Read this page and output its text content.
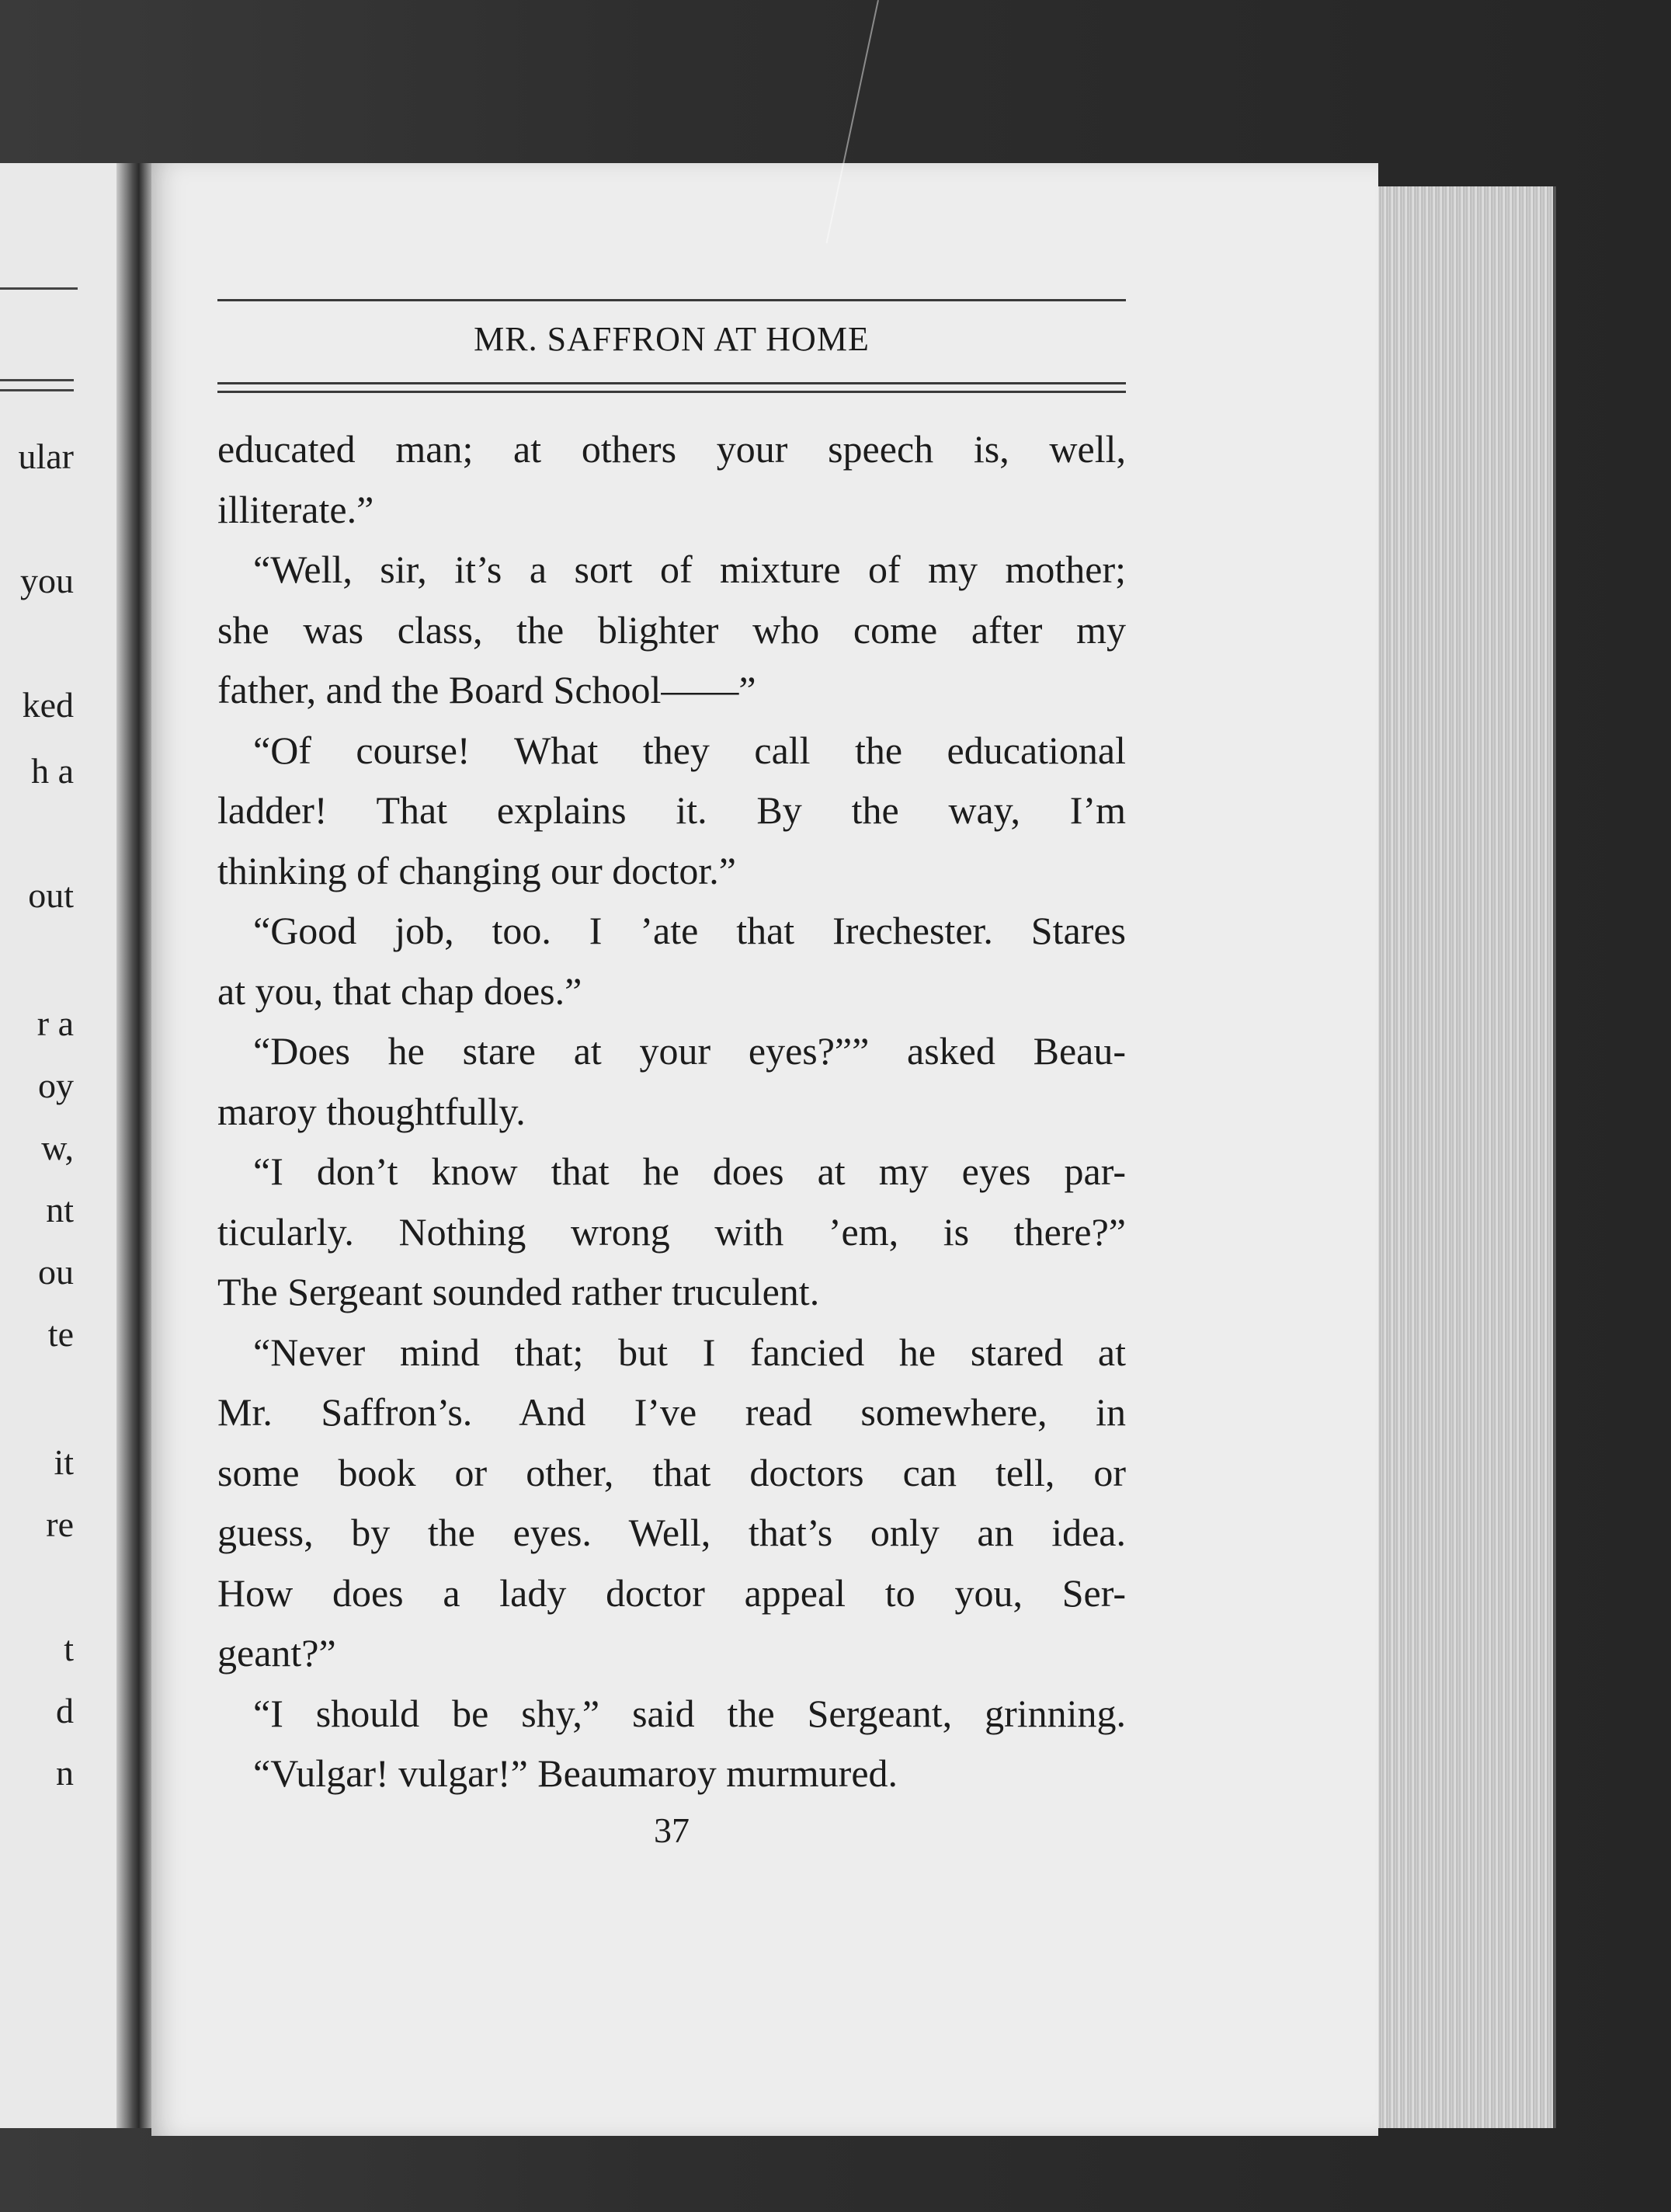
ular
you
ked
h a
out
r a
oy
w,
nt
ou
te
it
re
t
d
n
MR. SAFFRON AT HOME
educated man; at others your speech is, well,
illiterate.”
“Well, sir, it’s a sort of mixture of my mother;
she was class, the blighter who come after my
father, and the Board School——”
“Of course! What they call the educational
ladder! That explains it. By the way, I’m
thinking of changing our doctor.”
“Good job, too. I ’ate that Irechester. Stares
at you, that chap does.”
“Does he stare at your eyes?”” asked Beau-
maroy thoughtfully.
“I don’t know that he does at my eyes par-
ticularly. Nothing wrong with ’em, is there?”
The Sergeant sounded rather truculent.
“Never mind that; but I fancied he stared at
Mr. Saffron’s. And I’ve read somewhere, in
some book or other, that doctors can tell, or
guess, by the eyes. Well, that’s only an idea.
How does a lady doctor appeal to you, Ser-
geant?”
“I should be shy,” said the Sergeant, grinning.
“Vulgar! vulgar!” Beaumaroy murmured.
37
